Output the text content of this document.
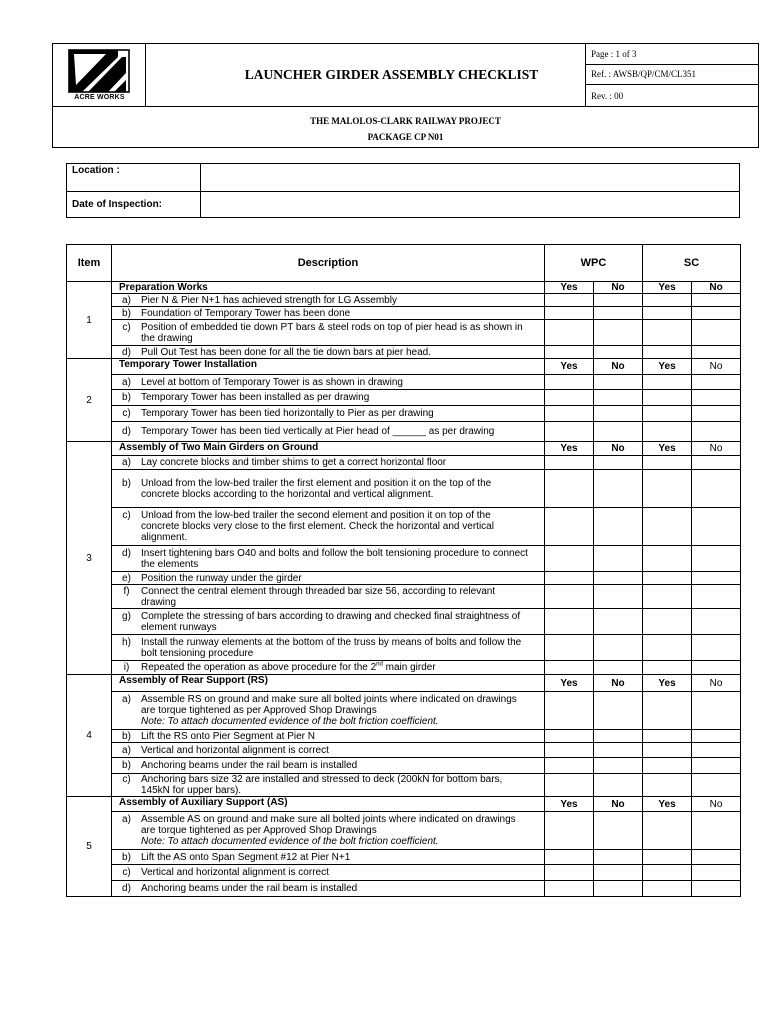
ACRE WORKS
LAUNCHER GIRDER ASSEMBLY CHECKLIST
Page : 1 of 3
Ref. : AWSB/QP/CM/CL351
Rev. : 00
THE MALOLOS-CLARK RAILWAY PROJECT
PACKAGE CP N01
Location :
Date of Inspection:
Item	Description	WPC		SC	
1	Preparation Works	Yes	No	Yes	No
	a) Pier N & Pier N+1 has achieved strength for LG Assembly				
	b) Foundation of Temporary Tower has been done				
	c) Position of embedded tie down PT bars & steel rods on top of pier head is as shown in the drawing				
	d) Pull Out Test has been done for all the tie down bars at pier head.				
2	Temporary Tower Installation	Yes	No	Yes	No
	a) Level at bottom of Temporary Tower is as shown in drawing				
	b) Temporary Tower has been installed as per drawing				
	c) Temporary Tower has been tied horizontally to Pier as per drawing				
	d) Temporary Tower has been tied vertically at Pier head of ______ as per drawing				
3	Assembly of Two Main Girders on Ground	Yes	No	Yes	No
	a) Lay concrete blocks and timber shims to get a correct horizontal floor				
	b) Unload from the low-bed trailer the first element and position it on the top of the concrete blocks according to the horizontal and vertical alignment.				
	c) Unload from the low-bed trailer the second element and position it on top of the concrete blocks very close to the first element. Check the horizontal and vertical alignment.				
	d) Insert tightening bars O40 and bolts and follow the bolt tensioning procedure to connect the elements				
	e) Position the runway under the girder				
	f) Connect the central element through threaded bar size 56, according to relevant drawing				
	g) Complete the stressing of bars according to drawing and checked final straightness of element runways				
	h) Install the runway elements at the bottom of the truss by means of bolts and follow the bolt tensioning procedure				
	i) Repeated the operation as above procedure for the 2nd main girder				
4	Assembly of Rear Support (RS)	Yes	No	Yes	No
	a) Assemble RS on ground and make sure all bolted joints where indicated on drawings are torque tightened as per Approved Shop Drawings
Note: To attach documented evidence of the bolt friction coefficient.				
	b) Lift the RS onto Pier Segment at Pier N				
	a) Vertical and horizontal alignment is correct				
	b) Anchoring beams under the rail beam is installed				
	c) Anchoring bars size 32 are installed and stressed to deck (200kN for bottom bars, 145kN for upper bars).				
5	Assembly of Auxiliary Support (AS)	Yes	No	Yes	No
	a) Assemble AS on ground and make sure all bolted joints where indicated on drawings are torque tightened as per Approved Shop Drawings
Note: To attach documented evidence of the bolt friction coefficient.				
	b) Lift the AS onto Span Segment #12 at Pier N+1				
	c) Vertical and horizontal alignment is correct				
	d) Anchoring beams under the rail beam is installed				
